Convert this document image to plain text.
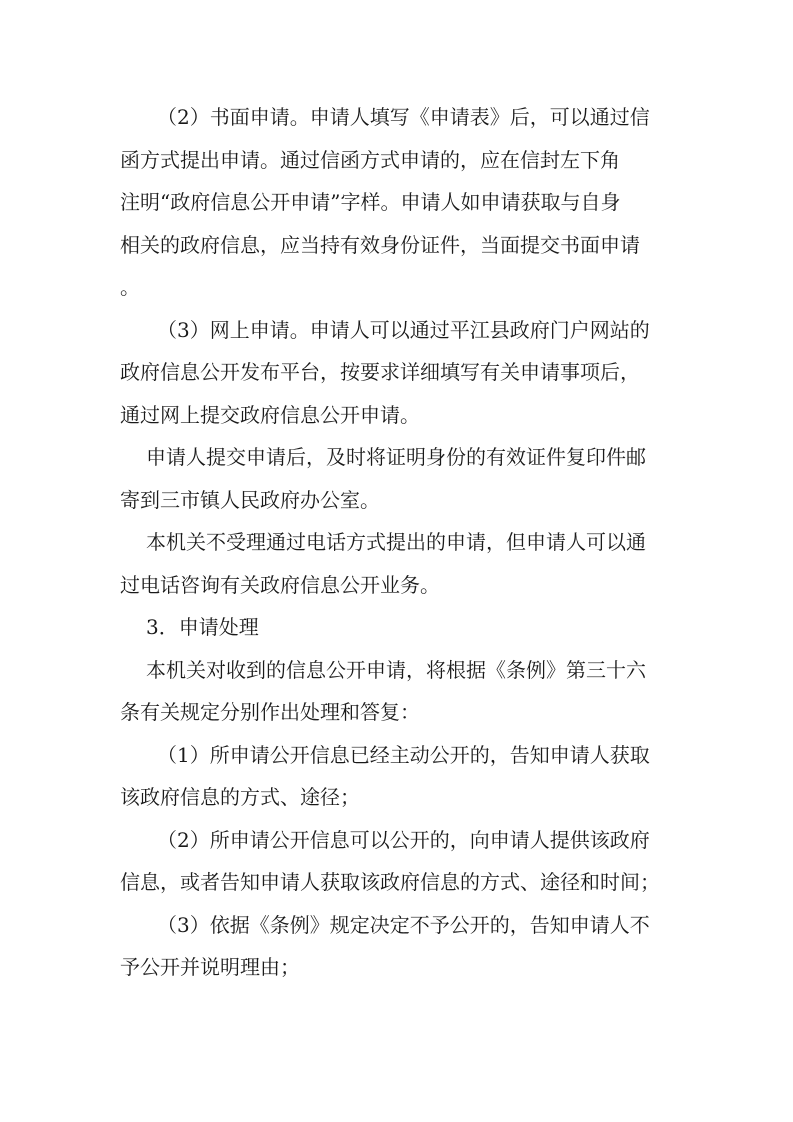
（2）书面申请。申请人填写《申请表》后，可以通过信
函方式提出申请。通过信函方式申请的，应在信封左下角
注明“政府信息公开申请”字样。申请人如申请获取与自身
相关的政府信息，应当持有效身份证件，当面提交书面申请
。
（3）网上申请。申请人可以通过平江县政府门户网站的
政府信息公开发布平台，按要求详细填写有关申请事项后，
通过网上提交政府信息公开申请。
申请人提交申请后，及时将证明身份的有效证件复印件邮
寄到三市镇人民政府办公室。
本机关不受理通过电话方式提出的申请，但申请人可以通
过电话咨询有关政府信息公开业务。
3．申请处理
本机关对收到的信息公开申请，将根据《条例》第三十六
条有关规定分别作出处理和答复：
（1）所申请公开信息已经主动公开的，告知申请人获取
该政府信息的方式、途径；
（2）所申请公开信息可以公开的，向申请人提供该政府
信息，或者告知申请人获取该政府信息的方式、途径和时间；
（3）依据《条例》规定决定不予公开的，告知申请人不
予公开并说明理由；
